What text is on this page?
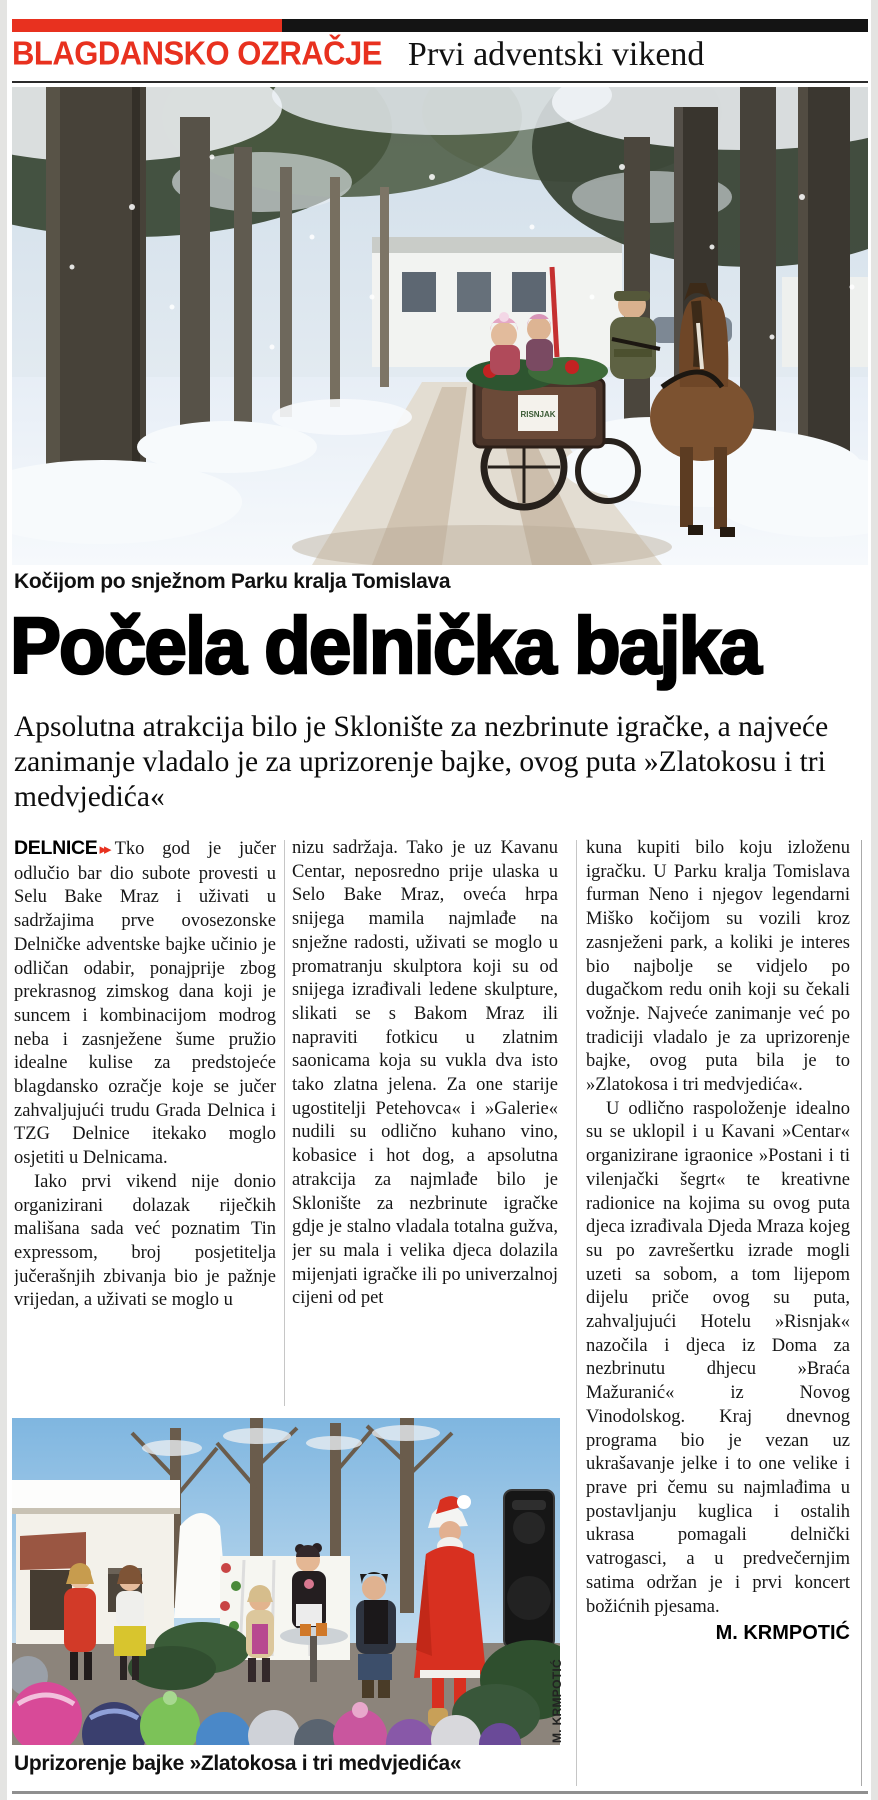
BLAGDANSKO OZRAČJE Prvi adventski vikend
RISNJAK
Kočijom po snježnom Parku kralja Tomislava
Počela delnička bajka
Apsolutna atrakcija bilo je Sklonište za nezbrinute igračke, a najveće zanimanje vladalo je za uprizorenje bajke, ovog puta »Zlatokosu i tri medvjedića«

DELNICE ▸▸ Tko god je jučer odlučio bar dio subote provesti u Selu Bake Mraz i uživati u sadržajima prve ovosezonske Delničke adventske bajke učinio je odličan odabir, ponajprije zbog prekrasnog zimskog dana koji je suncem i kombinacijom modrog neba i zasnježene šume pružio idealne kulise za predstojeće blagdansko ozračje koje se jučer zahvaljujući trudu Grada Delnica i TZG Delnice itekako moglo osjetiti u Delnicama.

Iako prvi vikend nije donio organizirani dolazak riječkih mališana sada već poznatim Tin expressom, broj posjetitelja jučerašnjih zbivanja bio je pažnje vrijedan, a uživati se moglo u

nizu sadržaja. Tako je uz Kavanu Centar, neposredno prije ulaska u Selo Bake Mraz, oveća hrpa snijega mamila najmlađe na snježne radosti, uživati se moglo u promatranju skulptora koji su od snijega izrađivali ledene skulpture, slikati se s Bakom Mraz ili napraviti fotkicu u zlatnim saonicama koja su vukla dva isto tako zlatna jelena. Za one starije ugostitelji Petehovca« i »Galerie« nudili su odlično kuhano vino, kobasice i hot dog, a apsolutna atrakcija za najmlađe bilo je Sklonište za nezbrinute igračke gdje je stalno vladala totalna gužva, jer su mala i velika djeca dolazila mijenjati igračke ili po univerzalnoj cijeni od pet

kuna kupiti bilo koju izloženu igračku. U Parku kralja Tomislava furman Neno i njegov legendarni Miško kočijom su vozili kroz zasnježeni park, a koliki je interes bio najbolje se vidjelo po dugačkom redu onih koji su čekali vožnje. Najveće zanimanje već po tradiciji vladalo je za uprizorenje bajke, ovog puta bila je to »Zlatokosa i tri medvjedića«.

U odlično raspoloženje idealno su se uklopil i u Kavani »Centar« organizirane igraonice »Postani i ti vilenjački šegrt« te kreativne radionice na kojima su ovog puta djeca izrađivala Djeda Mraza kojeg su po zavrešertku izrade mogli uzeti sa sobom, a tom lijepom dijelu priče ovog su puta, zahvaljujući Hotelu »Risnjak« nazočila i djeca iz Doma za nezbrinutu dhjecu »Braća Mažuranić« iz Novog Vinodolskog. Kraj dnevnog programa bio je vezan uz ukrašavanje jelke i to one velike i prave pri čemu su najmlađima u postavljanju kuglica i ostalih ukrasa pomagali delnički vatrogasci, a u predvečernjim satima održan je i prvi koncert božićnih pjesama.

M. KRMPOTIĆ
M. KRMPOTIĆ
Uprizorenje bajke »Zlatokosa i tri medvjedića«
